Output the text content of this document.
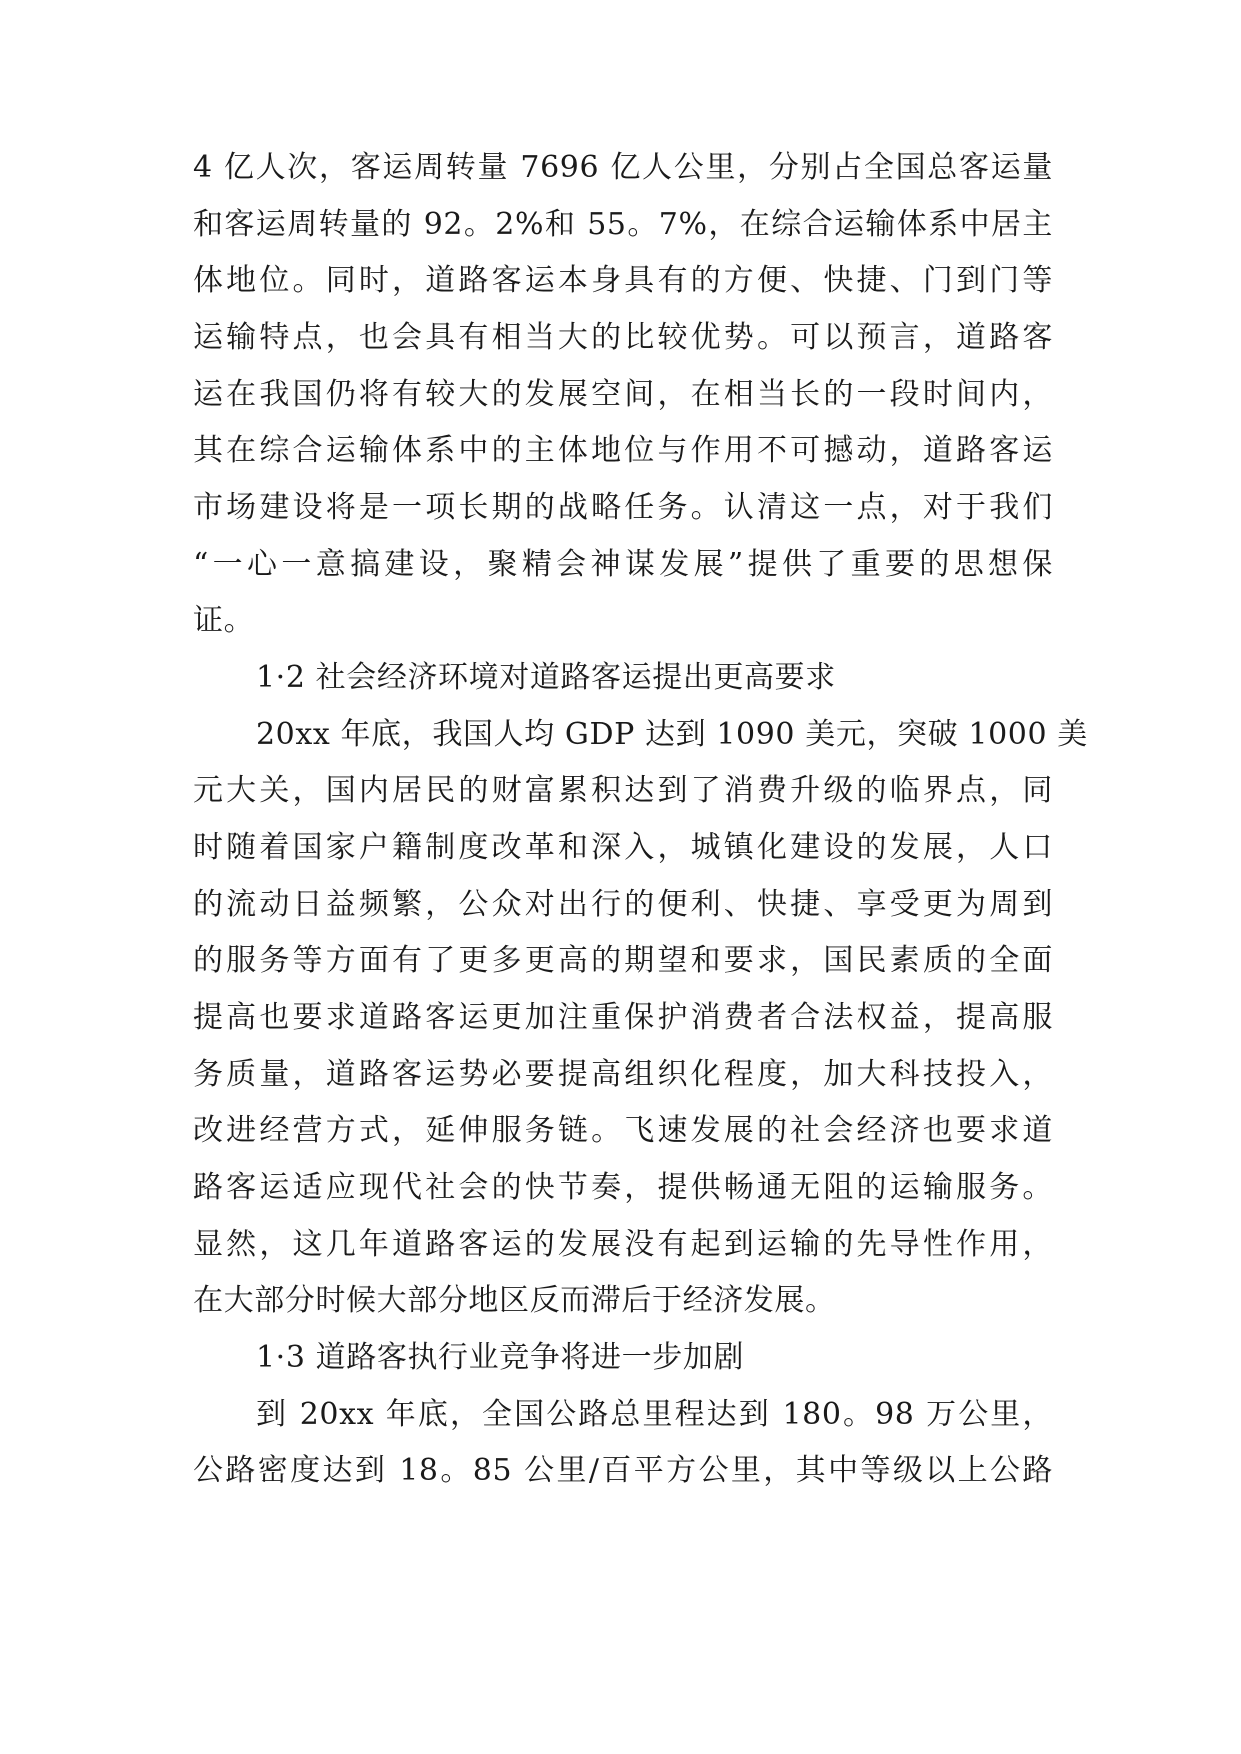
4 亿人次，客运周转量 7696 亿人公里，分别占全国总客运量
和客运周转量的 92。2%和 55。7%，在综合运输体系中居主
体地位。同时，道路客运本身具有的方便、快捷、门到门等
运输特点，也会具有相当大的比较优势。可以预言，道路客
运在我国仍将有较大的发展空间，在相当长的一段时间内，
其在综合运输体系中的主体地位与作用不可撼动，道路客运
市场建设将是一项长期的战略任务。认清这一点，对于我们
“一心一意搞建设，聚精会神谋发展”提供了重要的思想保
证。
1·2 社会经济环境对道路客运提出更高要求
20xx 年底，我国人均 GDP 达到 1090 美元，突破 1000 美
元大关，国内居民的财富累积达到了消费升级的临界点，同
时随着国家户籍制度改革和深入，城镇化建设的发展，人口
的流动日益频繁，公众对出行的便利、快捷、享受更为周到
的服务等方面有了更多更高的期望和要求，国民素质的全面
提高也要求道路客运更加注重保护消费者合法权益，提高服
务质量，道路客运势必要提高组织化程度，加大科技投入，
改进经营方式，延伸服务链。飞速发展的社会经济也要求道
路客运适应现代社会的快节奏，提供畅通无阻的运输服务。
显然，这几年道路客运的发展没有起到运输的先导性作用，
在大部分时候大部分地区反而滞后于经济发展。
1·3 道路客执行业竞争将进一步加剧
到 20xx 年底，全国公路总里程达到 180。98 万公里，
公路密度达到 18。85 公里/百平方公里，其中等级以上公路
